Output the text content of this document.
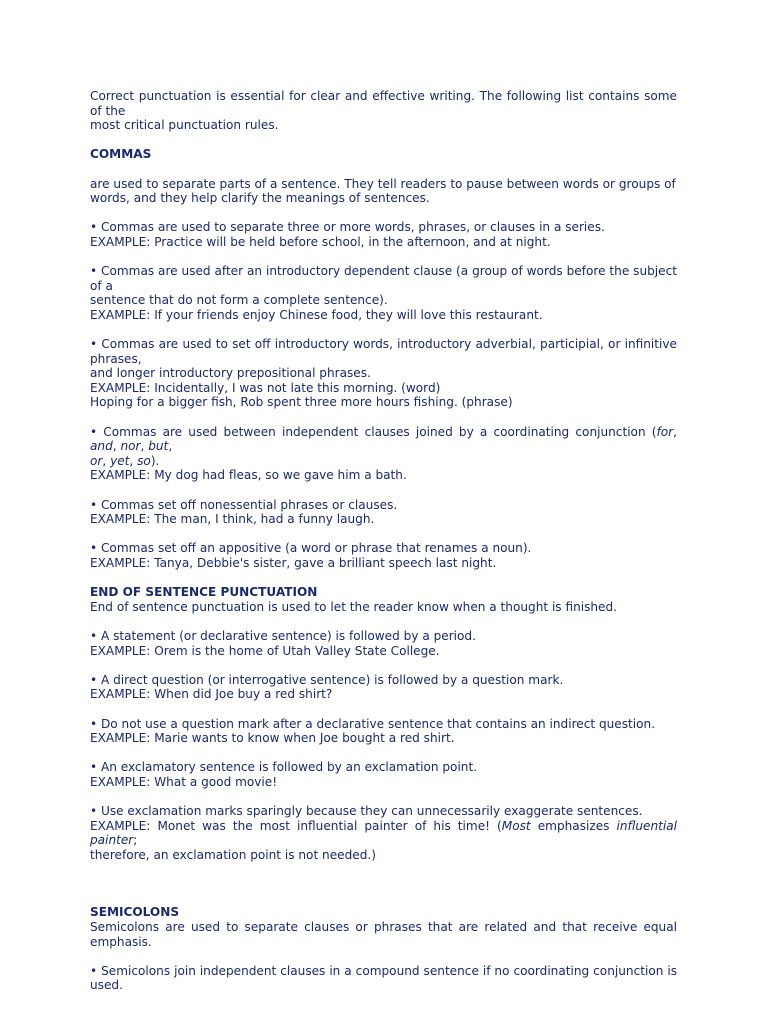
Correct punctuation is essential for clear and effective writing. The following list contains some of the
most critical punctuation rules.
COMMAS
are used to separate parts of a sentence. They tell readers to pause between words or groups of
words, and they help clarify the meanings of sentences.
• Commas are used to separate three or more words, phrases, or clauses in a series.
EXAMPLE: Practice will be held before school, in the afternoon, and at night.
• Commas are used after an introductory dependent clause (a group of words before the subject of a
sentence that do not form a complete sentence).
EXAMPLE: If your friends enjoy Chinese food, they will love this restaurant.
• Commas are used to set off introductory words, introductory adverbial, participial, or infinitive phrases,
and longer introductory prepositional phrases.
EXAMPLE: Incidentally, I was not late this morning. (word)
Hoping for a bigger fish, Rob spent three more hours fishing. (phrase)
• Commas are used between independent clauses joined by a coordinating conjunction (for, and, nor, but,
or, yet, so).
EXAMPLE: My dog had fleas, so we gave him a bath.
• Commas set off nonessential phrases or clauses.
EXAMPLE: The man, I think, had a funny laugh.
• Commas set off an appositive (a word or phrase that renames a noun).
EXAMPLE: Tanya, Debbie's sister, gave a brilliant speech last night.
END OF SENTENCE PUNCTUATION
End of sentence punctuation is used to let the reader know when a thought is finished.
• A statement (or declarative sentence) is followed by a period.
EXAMPLE: Orem is the home of Utah Valley State College.
• A direct question (or interrogative sentence) is followed by a question mark.
EXAMPLE: When did Joe buy a red shirt?
• Do not use a question mark after a declarative sentence that contains an indirect question.
EXAMPLE: Marie wants to know when Joe bought a red shirt.
• An exclamatory sentence is followed by an exclamation point.
EXAMPLE: What a good movie!
• Use exclamation marks sparingly because they can unnecessarily exaggerate sentences.
EXAMPLE: Monet was the most influential painter of his time! (Most emphasizes influential painter;
therefore, an exclamation point is not needed.)
SEMICOLONS
Semicolons are used to separate clauses or phrases that are related and that receive equal emphasis.
• Semicolons join independent clauses in a compound sentence if no coordinating conjunction is used.
